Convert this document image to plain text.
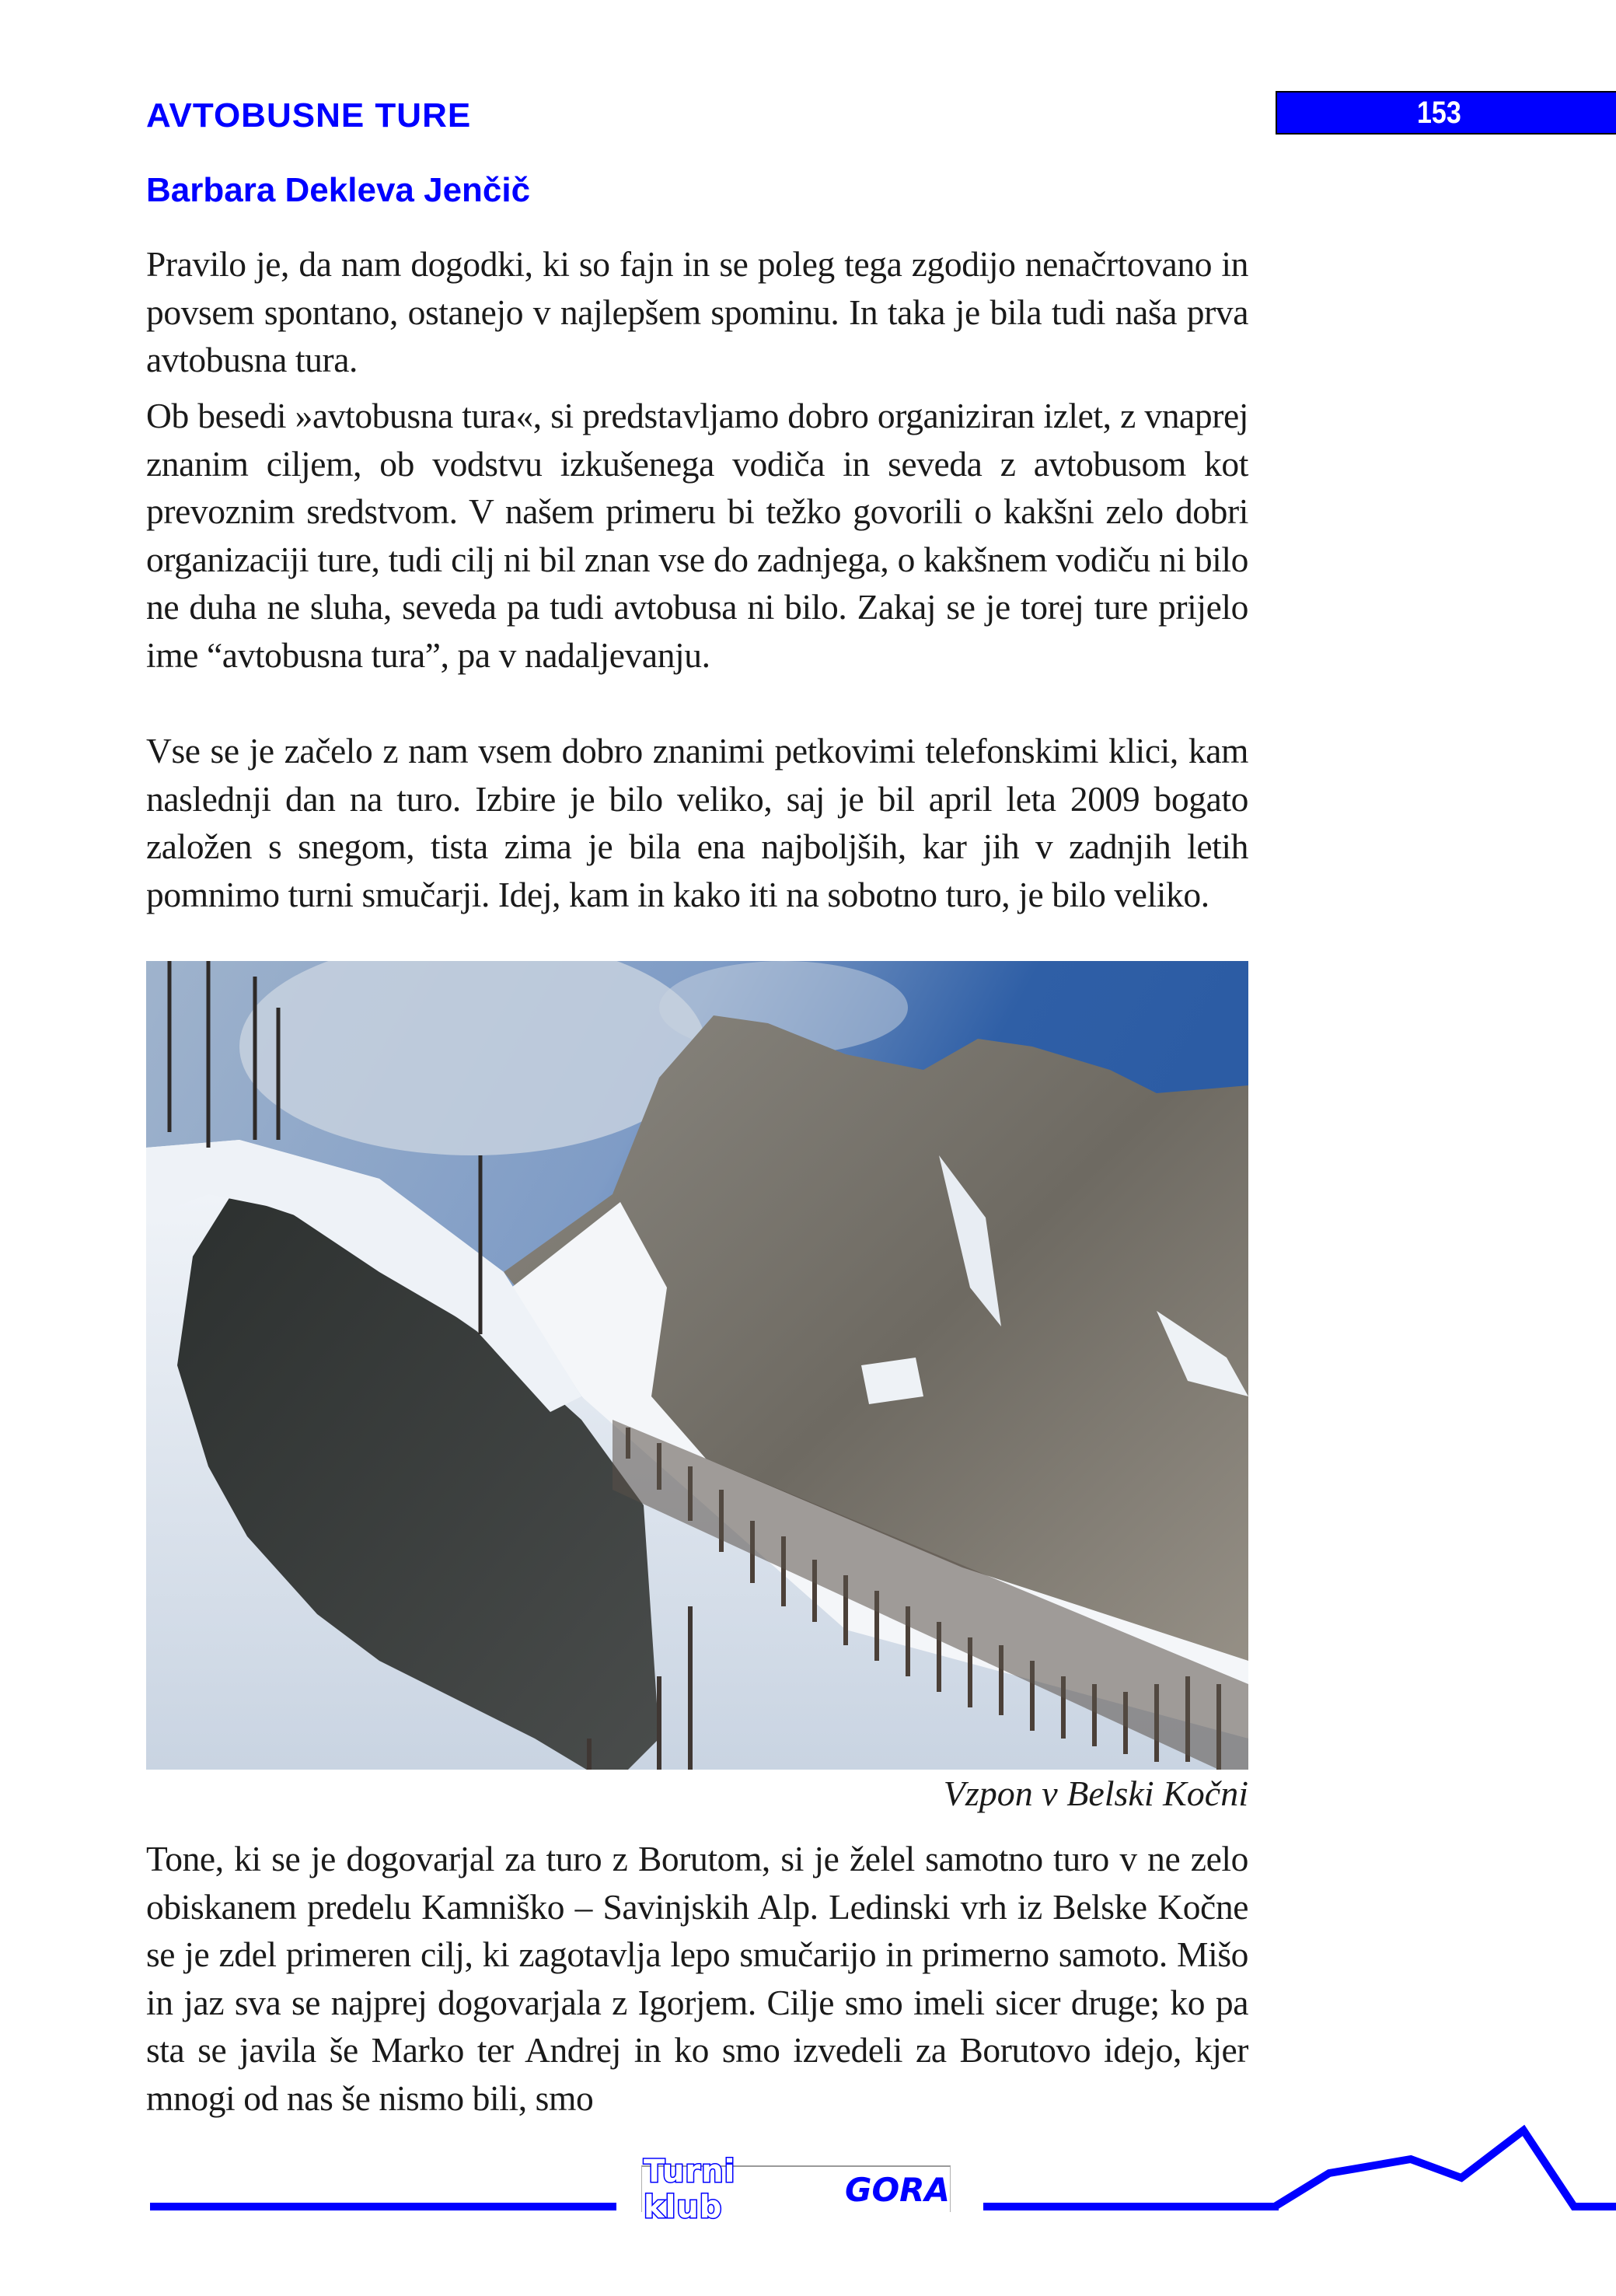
AVTOBUSNE TURE
Barbara Dekleva Jenčič
153

Pravilo je, da nam dogodki, ki so fajn in se poleg tega zgodijo nenačrtovano in povsem spontano, ostanejo v najlepšem spominu. In taka je bila tudi naša prva avtobusna tura.

Ob besedi »avtobusna tura«, si predstavljamo dobro organiziran izlet, z vnaprej znanim ciljem, ob vodstvu izkušenega vodiča in seveda z avtobusom kot prevoznim sredstvom. V našem primeru bi težko govorili o kakšni zelo dobri organizaciji ture, tudi cilj ni bil znan vse do zadnjega, o kakšnem vodiču ni bilo ne duha ne sluha, seveda pa tudi avtobusa ni bilo. Zakaj se je torej ture prijelo ime “avtobusna tura”, pa v nadaljevanju.

Vse se je začelo z nam vsem dobro znanimi petkovimi telefonskimi klici, kam naslednji dan na turo. Izbire je bilo veliko, saj je bil april leta 2009 bogato založen s snegom, tista zima je bila ena najboljših, kar jih v zadnjih letih pomnimo turni smučarji. Idej, kam in kako iti na sobotno turo, je bilo veliko.

Vzpon v Belski Kočni

Tone, ki se je dogovarjal za turo z Borutom, si je želel samotno turo v ne zelo obiskanem predelu Kamniško – Savinjskih Alp. Ledinski vrh iz Belske Kočne se je zdel primeren cilj, ki zagotavlja lepo smučarijo in primerno samoto. Mišo in jaz sva se najprej dogovarjala z Igorjem. Cilje smo imeli sicer druge; ko pa sta se javila še Marko ter Andrej in ko smo izvedeli za Borutovo idejo, kjer mnogi od nas še nismo bili, smo

Turni klub	GORA
